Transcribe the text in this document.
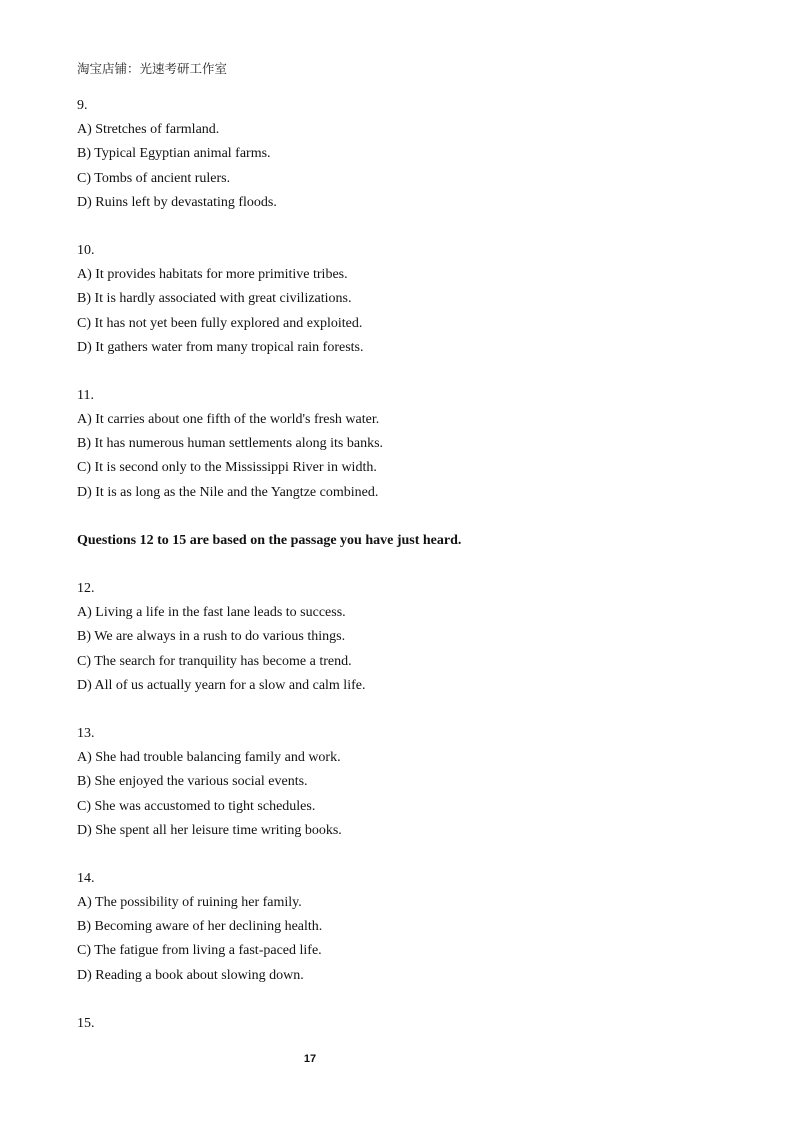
淘宝店铺：光速考研工作室
9.
A) Stretches of farmland.
B) Typical Egyptian animal farms.
C) Tombs of ancient rulers.
D) Ruins left by devastating floods.
10.
A) It provides habitats for more primitive tribes.
B) It is hardly associated with great civilizations.
C) It has not yet been fully explored and exploited.
D) It gathers water from many tropical rain forests.
11.
A) It carries about one fifth of the world's fresh water.
B) It has numerous human settlements along its banks.
C) It is second only to the Mississippi River in width.
D) It is as long as the Nile and the Yangtze combined.
Questions 12 to 15 are based on the passage you have just heard.
12.
A) Living a life in the fast lane leads to success.
B) We are always in a rush to do various things.
C) The search for tranquility has become a trend.
D) All of us actually yearn for a slow and calm life.
13.
A) She had trouble balancing family and work.
B) She enjoyed the various social events.
C) She was accustomed to tight schedules.
D) She spent all her leisure time writing books.
14.
A) The possibility of ruining her family.
B) Becoming aware of her declining health.
C) The fatigue from living a fast-paced life.
D) Reading a book about slowing down.
15.
17
